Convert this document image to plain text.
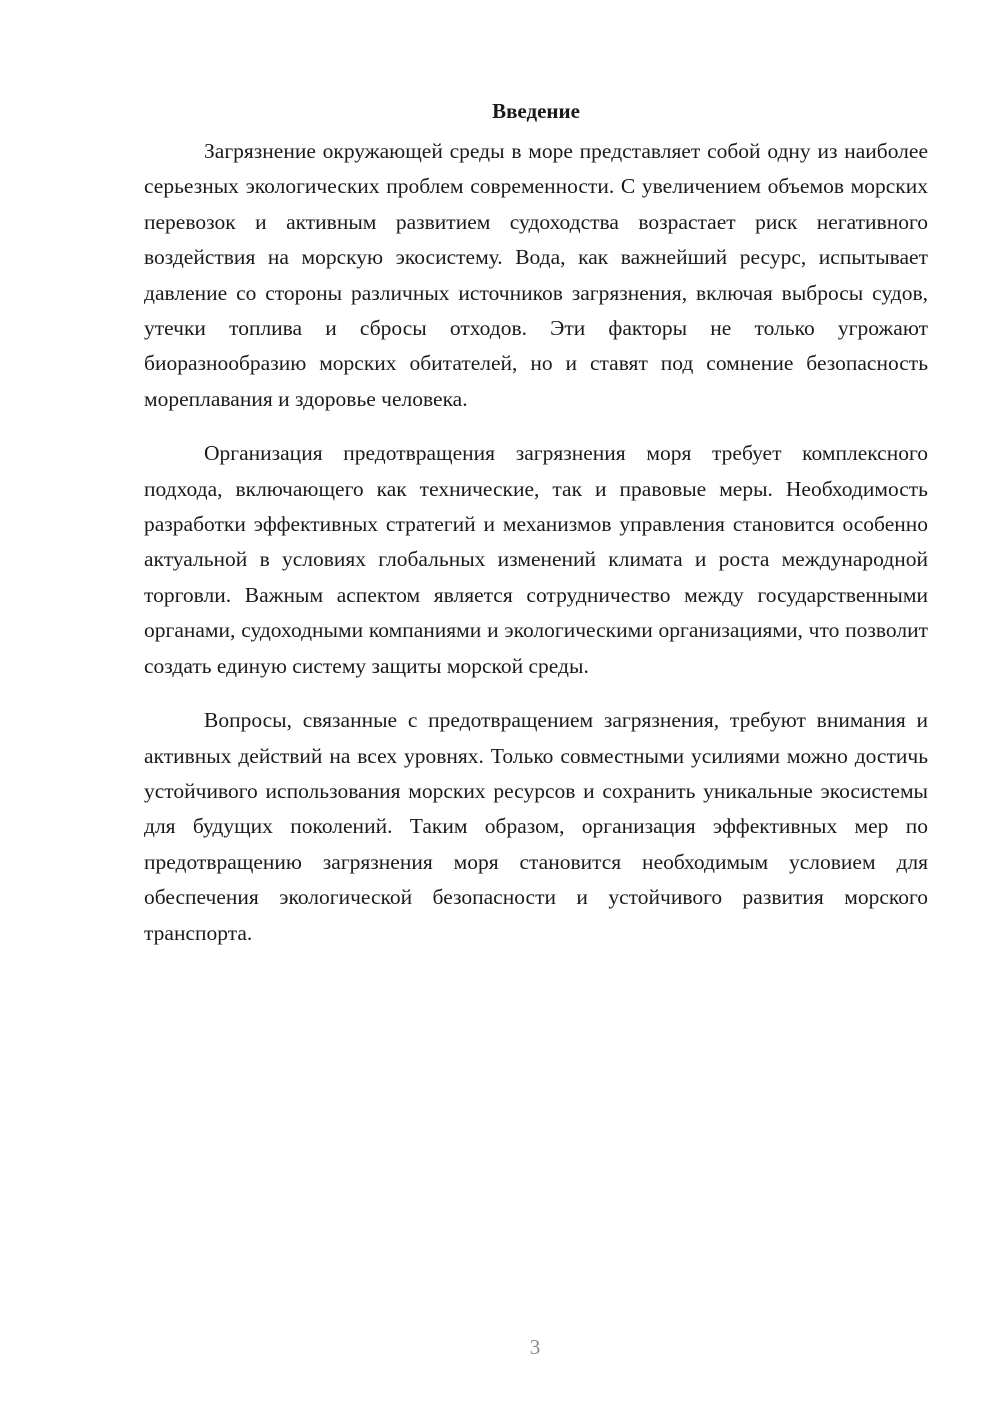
Введение

Загрязнение окружающей среды в море представляет собой одну из наиболее серьезных экологических проблем современности. С увеличением объемов морских перевозок и активным развитием судоходства возрастает риск негативного воздействия на морскую экосистему. Вода, как важнейший ресурс, испытывает давление со стороны различных источников загрязнения, включая выбросы судов, утечки топлива и сбросы отходов. Эти факторы не только угрожают биоразнообразию морских обитателей, но и ставят под сомнение безопасность мореплавания и здоровье человека.

Организация предотвращения загрязнения моря требует комплексного подхода, включающего как технические, так и правовые меры. Необходимость разработки эффективных стратегий и механизмов управления становится особенно актуальной в условиях глобальных изменений климата и роста международной торговли. Важным аспектом является сотрудничество между государственными органами, судоходными компаниями и экологическими организациями, что позволит создать единую систему защиты морской среды.

Вопросы, связанные с предотвращением загрязнения, требуют внимания и активных действий на всех уровнях. Только совместными усилиями можно достичь устойчивого использования морских ресурсов и сохранить уникальные экосистемы для будущих поколений. Таким образом, организация эффективных мер по предотвращению загрязнения моря становится необходимым условием для обеспечения экологической безопасности и устойчивого развития морского транспорта.

3
